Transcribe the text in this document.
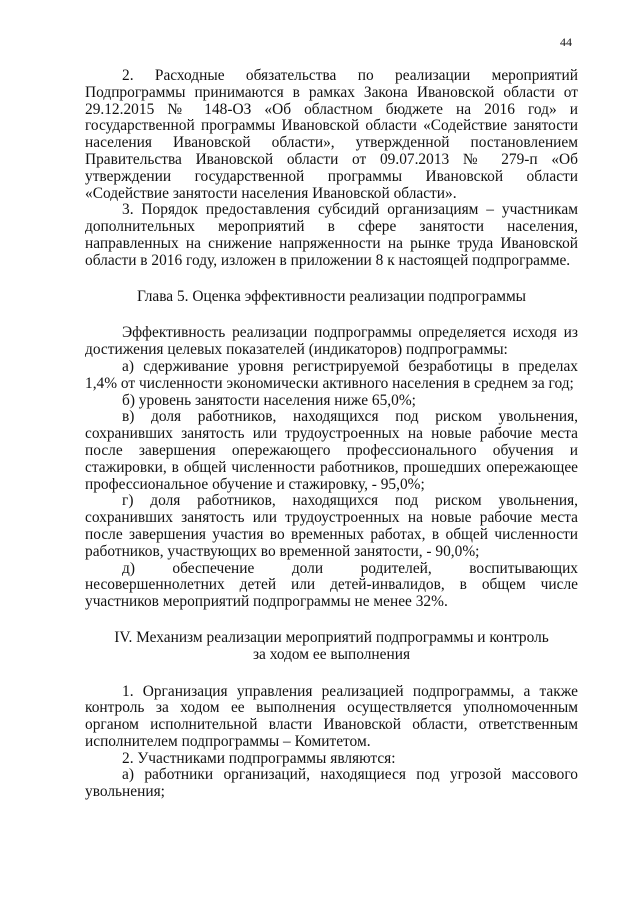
44

2. Расходные обязательства по реализации мероприятий Подпрограммы принимаются в рамках Закона Ивановской области от 29.12.2015 № 148-ОЗ «Об областном бюджете на 2016 год» и государственной программы Ивановской области «Содействие занятости населения Ивановской области», утвержденной постановлением Правительства Ивановской области от 09.07.2013 № 279-п «Об утверждении государственной программы Ивановской области «Содействие занятости населения Ивановской области».

3. Порядок предоставления субсидий организациям – участникам дополнительных мероприятий в сфере занятости населения, направленных на снижение напряженности на рынке труда Ивановской области в 2016 году, изложен в приложении 8 к настоящей подпрограмме.

Глава 5. Оценка эффективности реализации подпрограммы

Эффективность реализации подпрограммы определяется исходя из достижения целевых показателей (индикаторов) подпрограммы:

а) сдерживание уровня регистрируемой безработицы в пределах 1,4% от численности экономически активного населения в среднем за год;

б) уровень занятости населения ниже 65,0%;

в) доля работников, находящихся под риском увольнения, сохранивших занятость или трудоустроенных на новые рабочие места после завершения опережающего профессионального обучения и стажировки, в общей численности работников, прошедших опережающее профессиональное обучение и стажировку, - 95,0%;

г) доля работников, находящихся под риском увольнения, сохранивших занятость или трудоустроенных на новые рабочие места после завершения участия во временных работах, в общей численности работников, участвующих во временной занятости, - 90,0%;

д) обеспечение доли родителей, воспитывающих несовершеннолетних детей или детей-инвалидов, в общем числе участников мероприятий подпрограммы не менее 32%.

IV. Механизм реализации мероприятий подпрограммы и контроль
за ходом ее выполнения

1. Организация управления реализацией подпрограммы, а также контроль за ходом ее выполнения осуществляется уполномоченным органом исполнительной власти Ивановской области, ответственным исполнителем подпрограммы – Комитетом.

2. Участниками подпрограммы являются:

а) работники организаций, находящиеся под угрозой массового увольнения;
